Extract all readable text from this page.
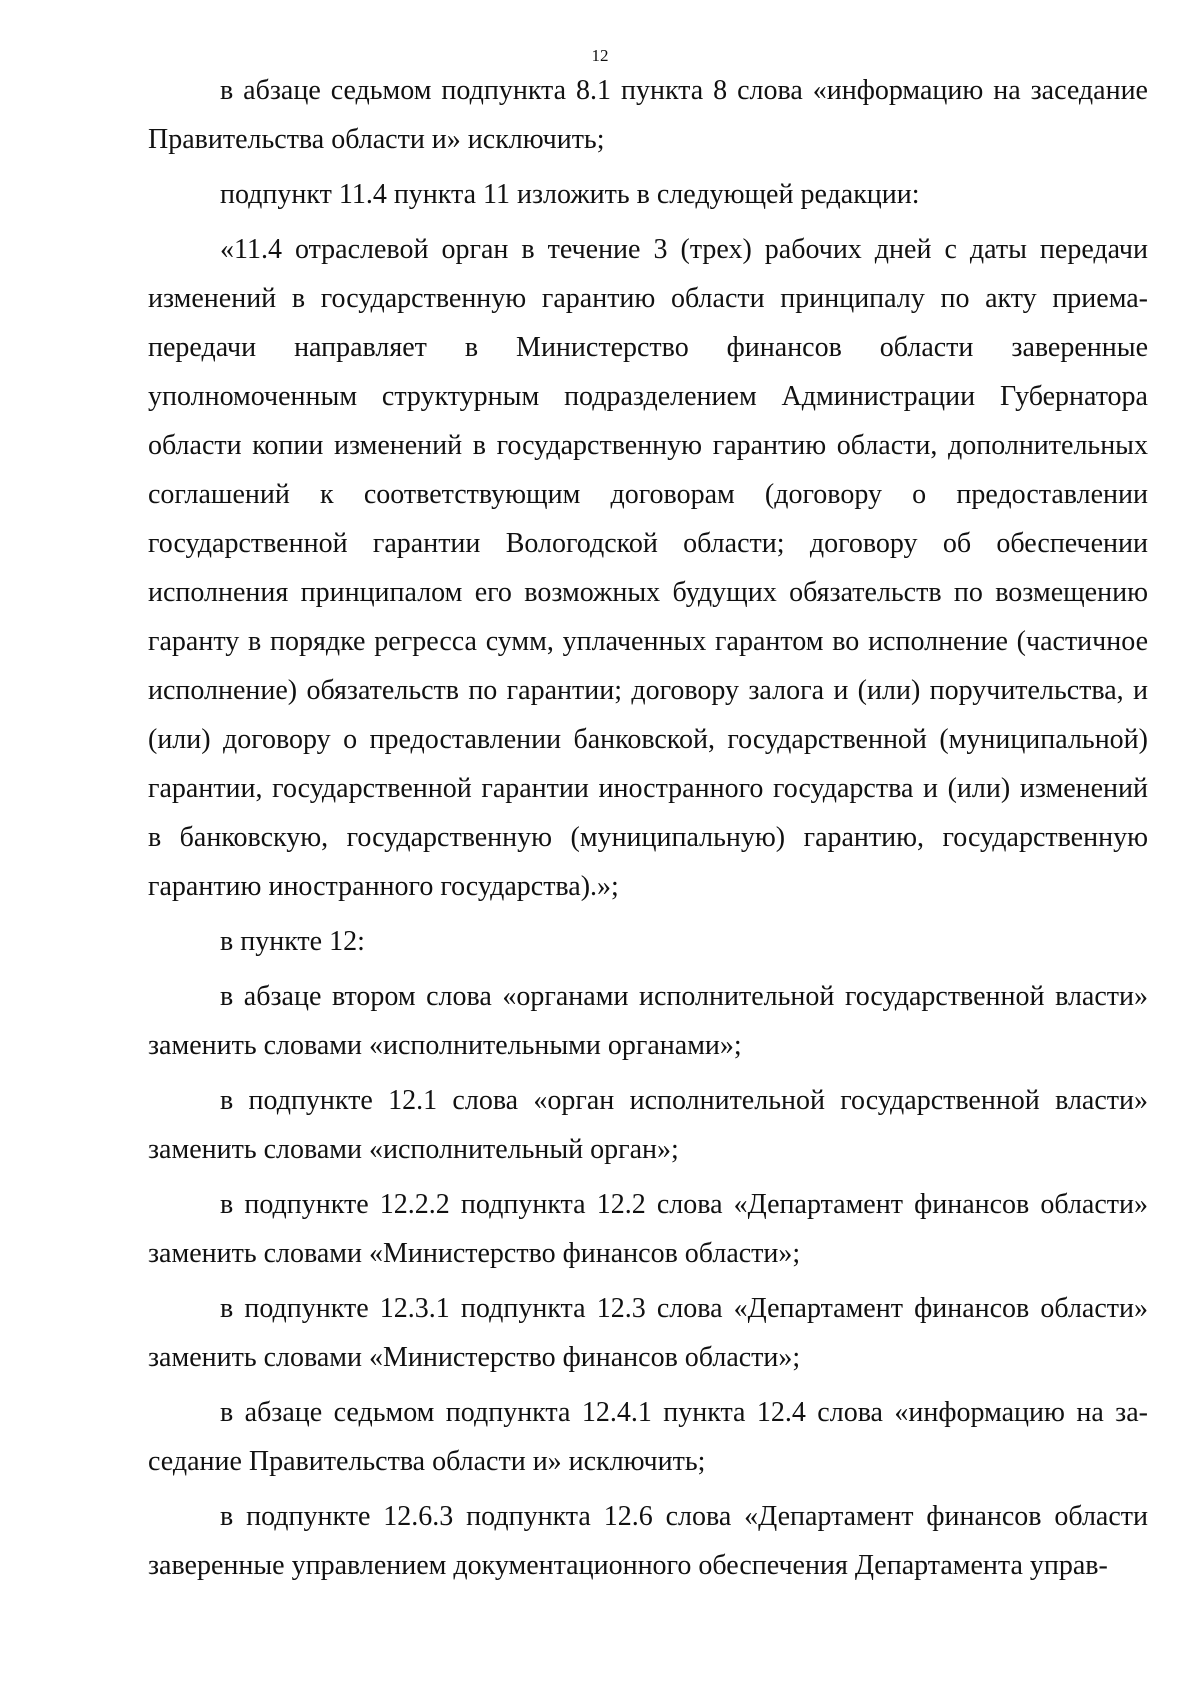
12

в абзаце седьмом подпункта 8.1 пункта 8 слова «информацию на заседание Правительства области и» исключить;

подпункт 11.4 пункта 11 изложить в следующей редакции:

«11.4 отраслевой орган в течение 3 (трех) рабочих дней с даты передачи изменений в государственную гарантию области принципалу по акту приема-передачи направляет в Министерство финансов области заверенные уполномоченным структурным подразделением Администрации Губернатора области копии изменений в государственную гарантию области, дополнительных соглашений к соответствующим договорам (договору о предоставлении государственной гарантии Вологодской области; договору об обеспечении исполнения принципалом его возможных будущих обязательств по возмещению гаранту в порядке регресса сумм, уплаченных гарантом во исполнение (частичное исполнение) обязательств по гарантии; договору залога и (или) поручительства, и (или) договору о предоставлении банковской, государственной (муниципальной) гарантии, государственной гарантии иностранного государства и (или) изменений в банковскую, государственную (муниципальную) гарантию, государственную гарантию иностранного государства).»;

в пункте 12:

в абзаце втором слова «органами исполнительной государственной власти» заменить словами «исполнительными органами»;

в подпункте 12.1 слова «орган исполнительной государственной власти» заменить словами «исполнительный орган»;

в подпункте 12.2.2 подпункта 12.2 слова «Департамент финансов области» заменить словами «Министерство финансов области»;

в подпункте 12.3.1 подпункта 12.3 слова «Департамент финансов области» заменить словами «Министерство финансов области»;

в абзаце седьмом подпункта 12.4.1 пункта 12.4 слова «информацию на за-седание Правительства области и» исключить;

в подпункте 12.6.3 подпункта 12.6 слова «Департамент финансов области заверенные управлением документационного обеспечения Департамента управ-
